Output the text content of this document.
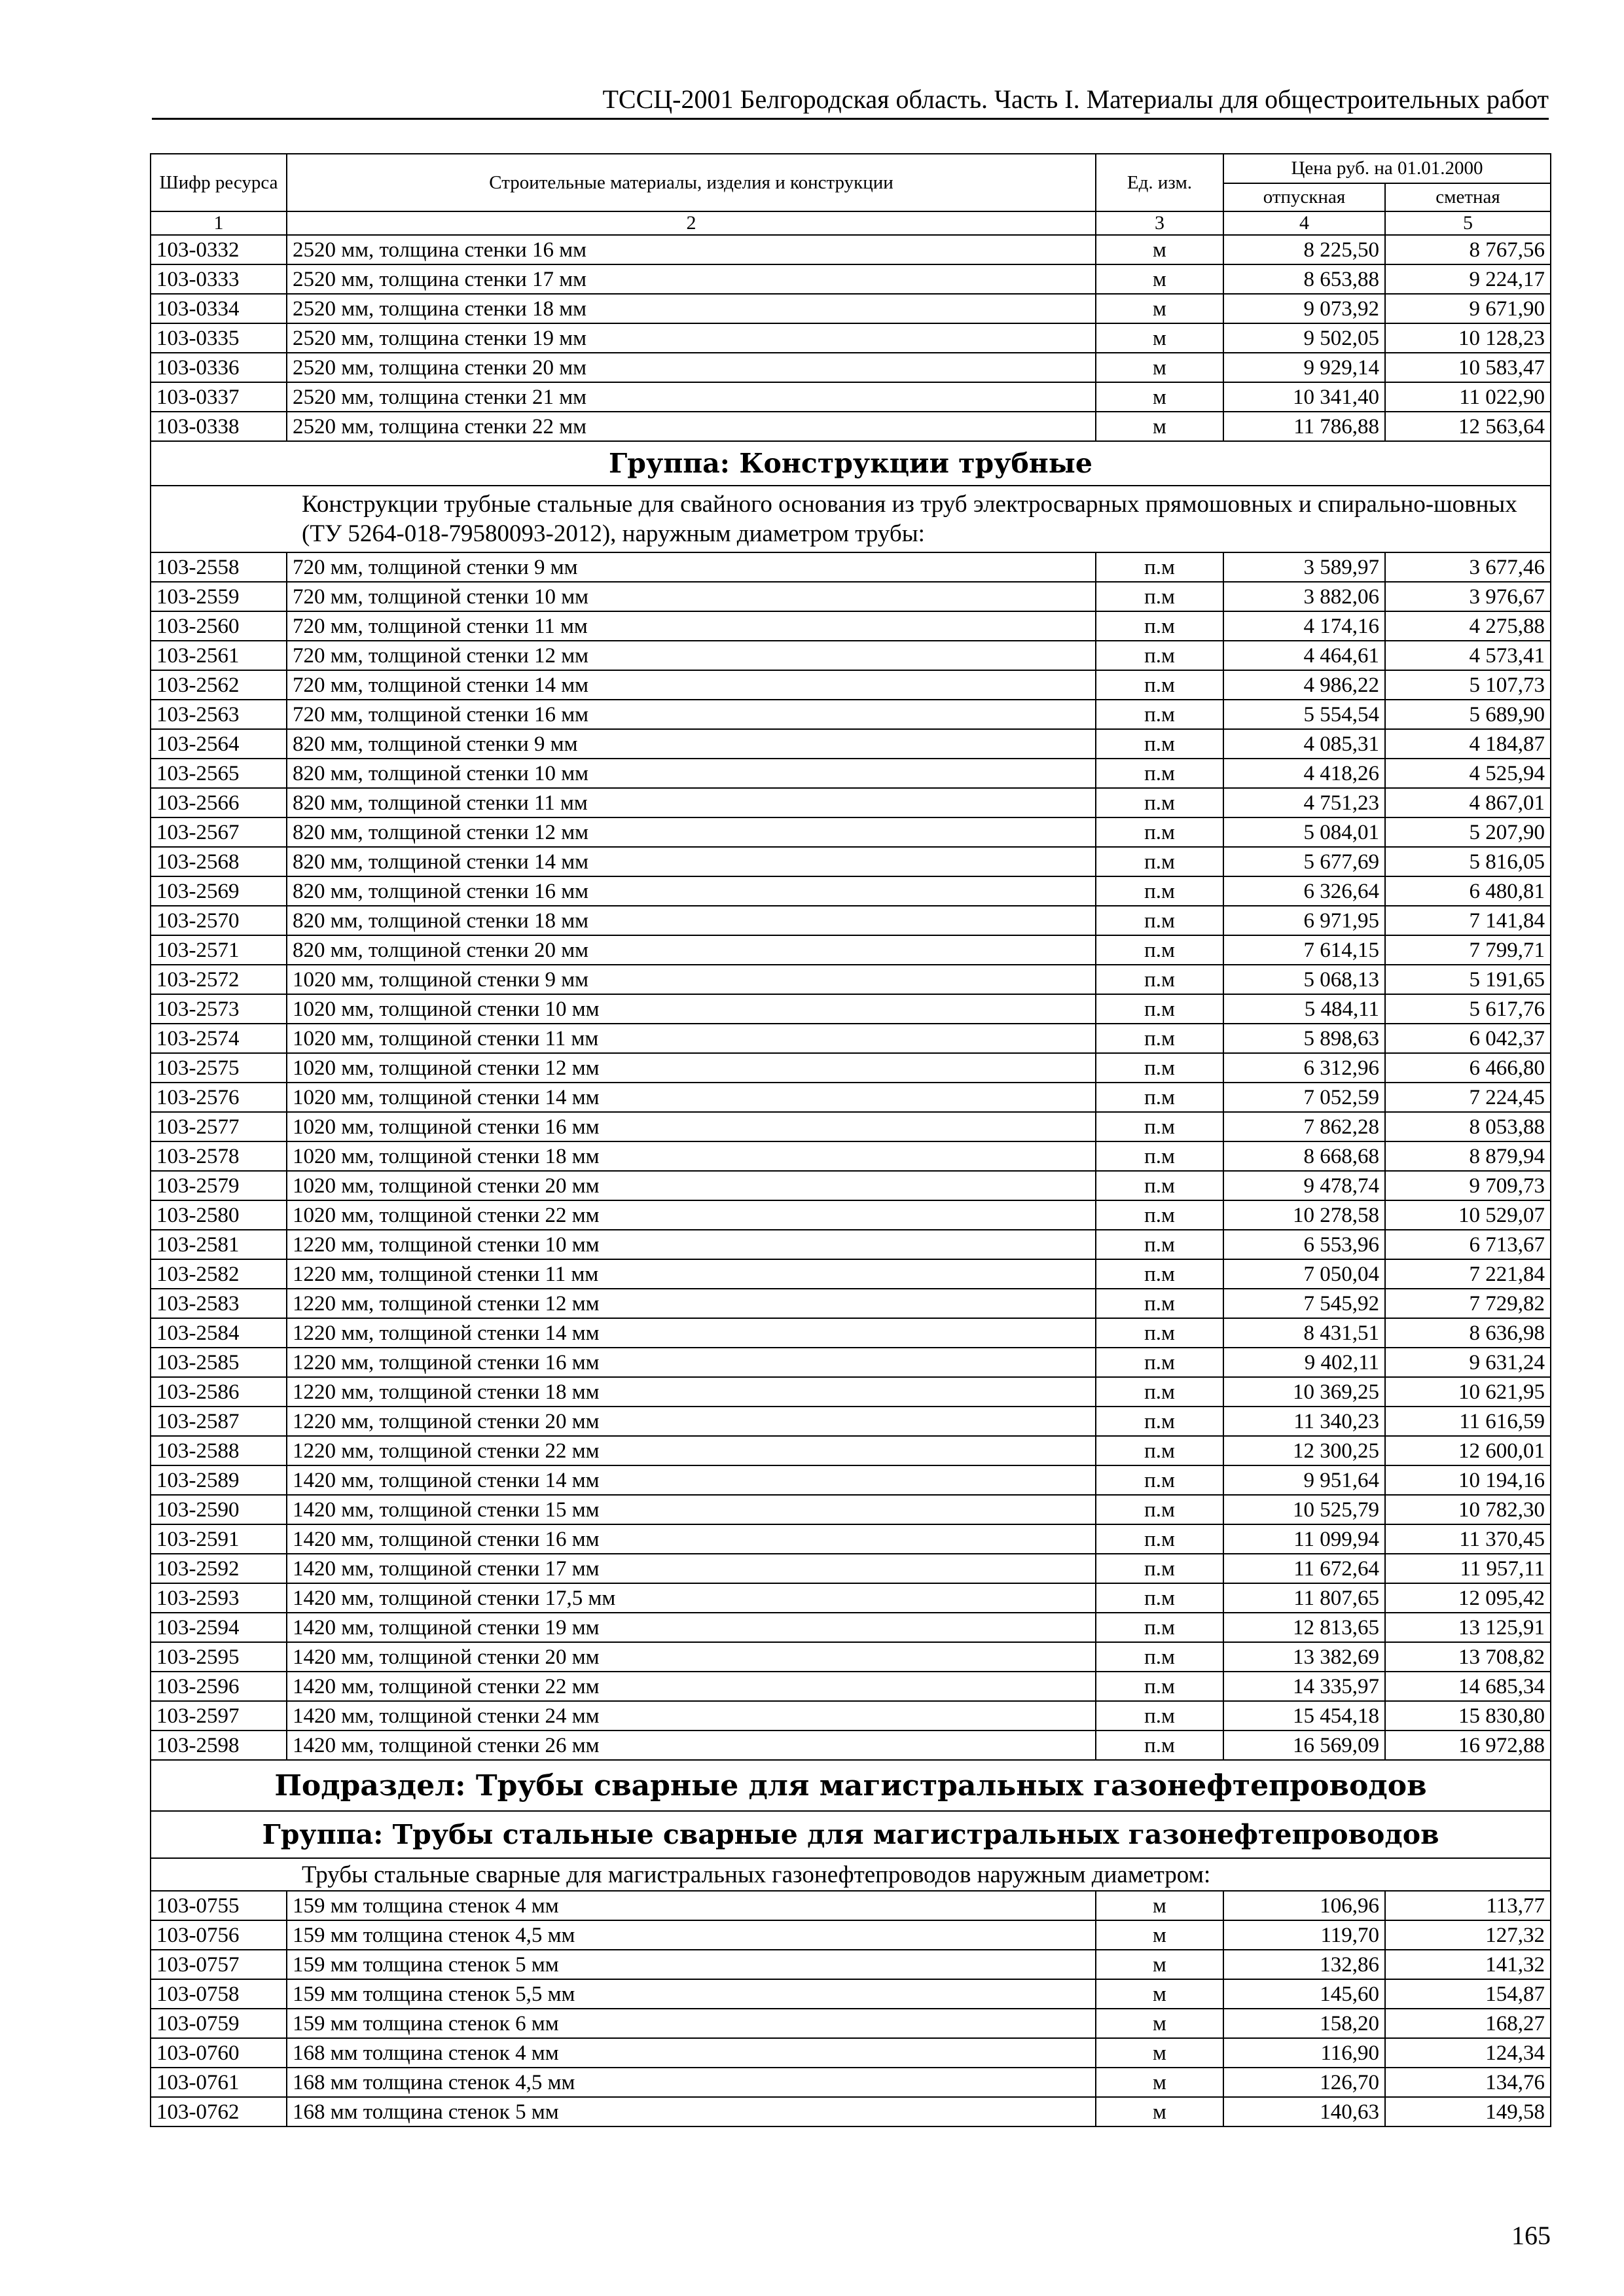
ТССЦ-2001 Белгородская область. Часть I. Материалы для общестроительных работ
Шифр ресурса	Строительные материалы, изделия и конструкции	Ед. изм.	Цена руб. на 01.01.2000	
			отпускная	сметная
1	2	3	4	5
103-0332	2520 мм, толщина стенки 16 мм	м	8 225,50	8 767,56
103-0333	2520 мм, толщина стенки 17 мм	м	8 653,88	9 224,17
103-0334	2520 мм, толщина стенки 18 мм	м	9 073,92	9 671,90
103-0335	2520 мм, толщина стенки 19 мм	м	9 502,05	10 128,23
103-0336	2520 мм, толщина стенки 20 мм	м	9 929,14	10 583,47
103-0337	2520 мм, толщина стенки 21 мм	м	10 341,40	11 022,90
103-0338	2520 мм, толщина стенки 22 мм	м	11 786,88	12 563,64
Группа: Конструкции трубные				
Конструкции трубные стальные для свайного основания из труб электросварных прямошовных и спирально-шовных (ТУ 5264-018-79580093-2012), наружным диаметром трубы:				
103-2558	720 мм, толщиной стенки 9 мм	п.м	3 589,97	3 677,46
103-2559	720 мм, толщиной стенки 10 мм	п.м	3 882,06	3 976,67
103-2560	720 мм, толщиной стенки 11 мм	п.м	4 174,16	4 275,88
103-2561	720 мм, толщиной стенки 12 мм	п.м	4 464,61	4 573,41
103-2562	720 мм, толщиной стенки 14 мм	п.м	4 986,22	5 107,73
103-2563	720 мм, толщиной стенки 16 мм	п.м	5 554,54	5 689,90
103-2564	820 мм, толщиной стенки 9 мм	п.м	4 085,31	4 184,87
103-2565	820 мм, толщиной стенки 10 мм	п.м	4 418,26	4 525,94
103-2566	820 мм, толщиной стенки 11 мм	п.м	4 751,23	4 867,01
103-2567	820 мм, толщиной стенки 12 мм	п.м	5 084,01	5 207,90
103-2568	820 мм, толщиной стенки 14 мм	п.м	5 677,69	5 816,05
103-2569	820 мм, толщиной стенки 16 мм	п.м	6 326,64	6 480,81
103-2570	820 мм, толщиной стенки 18 мм	п.м	6 971,95	7 141,84
103-2571	820 мм, толщиной стенки 20 мм	п.м	7 614,15	7 799,71
103-2572	1020 мм, толщиной стенки 9 мм	п.м	5 068,13	5 191,65
103-2573	1020 мм, толщиной стенки 10 мм	п.м	5 484,11	5 617,76
103-2574	1020 мм, толщиной стенки 11 мм	п.м	5 898,63	6 042,37
103-2575	1020 мм, толщиной стенки 12 мм	п.м	6 312,96	6 466,80
103-2576	1020 мм, толщиной стенки 14 мм	п.м	7 052,59	7 224,45
103-2577	1020 мм, толщиной стенки 16 мм	п.м	7 862,28	8 053,88
103-2578	1020 мм, толщиной стенки 18 мм	п.м	8 668,68	8 879,94
103-2579	1020 мм, толщиной стенки 20 мм	п.м	9 478,74	9 709,73
103-2580	1020 мм, толщиной стенки 22 мм	п.м	10 278,58	10 529,07
103-2581	1220 мм, толщиной стенки 10 мм	п.м	6 553,96	6 713,67
103-2582	1220 мм, толщиной стенки 11 мм	п.м	7 050,04	7 221,84
103-2583	1220 мм, толщиной стенки 12 мм	п.м	7 545,92	7 729,82
103-2584	1220 мм, толщиной стенки 14 мм	п.м	8 431,51	8 636,98
103-2585	1220 мм, толщиной стенки 16 мм	п.м	9 402,11	9 631,24
103-2586	1220 мм, толщиной стенки 18 мм	п.м	10 369,25	10 621,95
103-2587	1220 мм, толщиной стенки 20 мм	п.м	11 340,23	11 616,59
103-2588	1220 мм, толщиной стенки 22 мм	п.м	12 300,25	12 600,01
103-2589	1420 мм, толщиной стенки 14 мм	п.м	9 951,64	10 194,16
103-2590	1420 мм, толщиной стенки 15 мм	п.м	10 525,79	10 782,30
103-2591	1420 мм, толщиной стенки 16 мм	п.м	11 099,94	11 370,45
103-2592	1420 мм, толщиной стенки 17 мм	п.м	11 672,64	11 957,11
103-2593	1420 мм, толщиной стенки 17,5 мм	п.м	11 807,65	12 095,42
103-2594	1420 мм, толщиной стенки 19 мм	п.м	12 813,65	13 125,91
103-2595	1420 мм, толщиной стенки 20 мм	п.м	13 382,69	13 708,82
103-2596	1420 мм, толщиной стенки 22 мм	п.м	14 335,97	14 685,34
103-2597	1420 мм, толщиной стенки 24 мм	п.м	15 454,18	15 830,80
103-2598	1420 мм, толщиной стенки 26 мм	п.м	16 569,09	16 972,88
Подраздел: Трубы сварные для магистральных газонефтепроводов				
Группа: Трубы стальные сварные для магистральных газонефтепроводов				
Трубы стальные сварные для магистральных газонефтепроводов наружным диаметром:				
103-0755	159 мм толщина стенок 4 мм	м	106,96	113,77
103-0756	159 мм толщина стенок 4,5 мм	м	119,70	127,32
103-0757	159 мм толщина стенок 5 мм	м	132,86	141,32
103-0758	159 мм толщина стенок 5,5 мм	м	145,60	154,87
103-0759	159 мм толщина стенок 6 мм	м	158,20	168,27
103-0760	168 мм толщина стенок 4 мм	м	116,90	124,34
103-0761	168 мм толщина стенок 4,5 мм	м	126,70	134,76
103-0762	168 мм толщина стенок 5 мм	м	140,63	149,58
165
